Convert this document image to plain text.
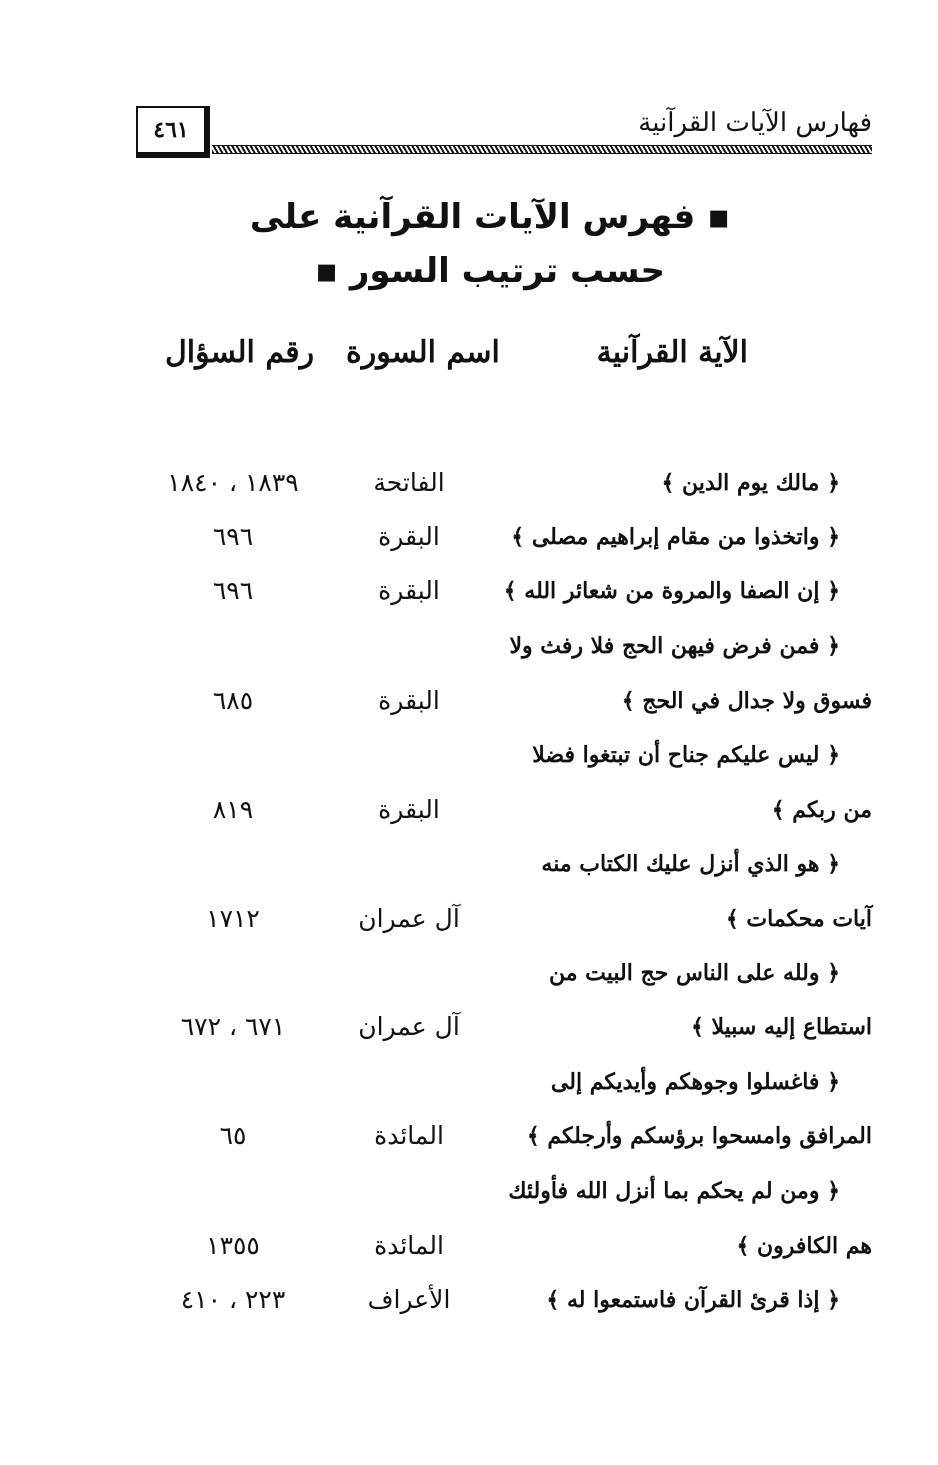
فهارس الآيات القرآنية
٤٦١
▪ فهرس الآيات القرآنية على حسب ترتيب السور ▪
الآية القرآنية
اسم السورة
رقم السؤال
﴿ مالك يوم الدين ﴾
الفاتحة
١٨٣٩ ، ١٨٤٠
﴿ واتخذوا من مقام إبراهيم مصلى ﴾
البقرة
٦٩٦
﴿ إن الصفا والمروة من شعائر الله ﴾
البقرة
٦٩٦
﴿ فمن فرض فيهن الحج فلا رفث ولا
فسوق ولا جدال في الحج ﴾
البقرة
٦٨٥
﴿ ليس عليكم جناح أن تبتغوا فضلا
من ربكم ﴾
البقرة
٨١٩
﴿ هو الذي أنزل عليك الكتاب منه
آيات محكمات ﴾
آل عمران
١٧١٢
﴿ ولله على الناس حج البيت من
استطاع إليه سبيلا ﴾
آل عمران
٦٧١ ، ٦٧٢
﴿ فاغسلوا وجوهكم وأيديكم إلى
المرافق وامسحوا برؤسكم وأرجلكم ﴾
المائدة
٦٥
﴿ ومن لم يحكم بما أنزل الله فأولئك
هم الكافرون ﴾
المائدة
١٣٥٥
﴿ إذا قرئ القرآن فاستمعوا له ﴾
الأعراف
٢٢٣ ، ٤١٠
